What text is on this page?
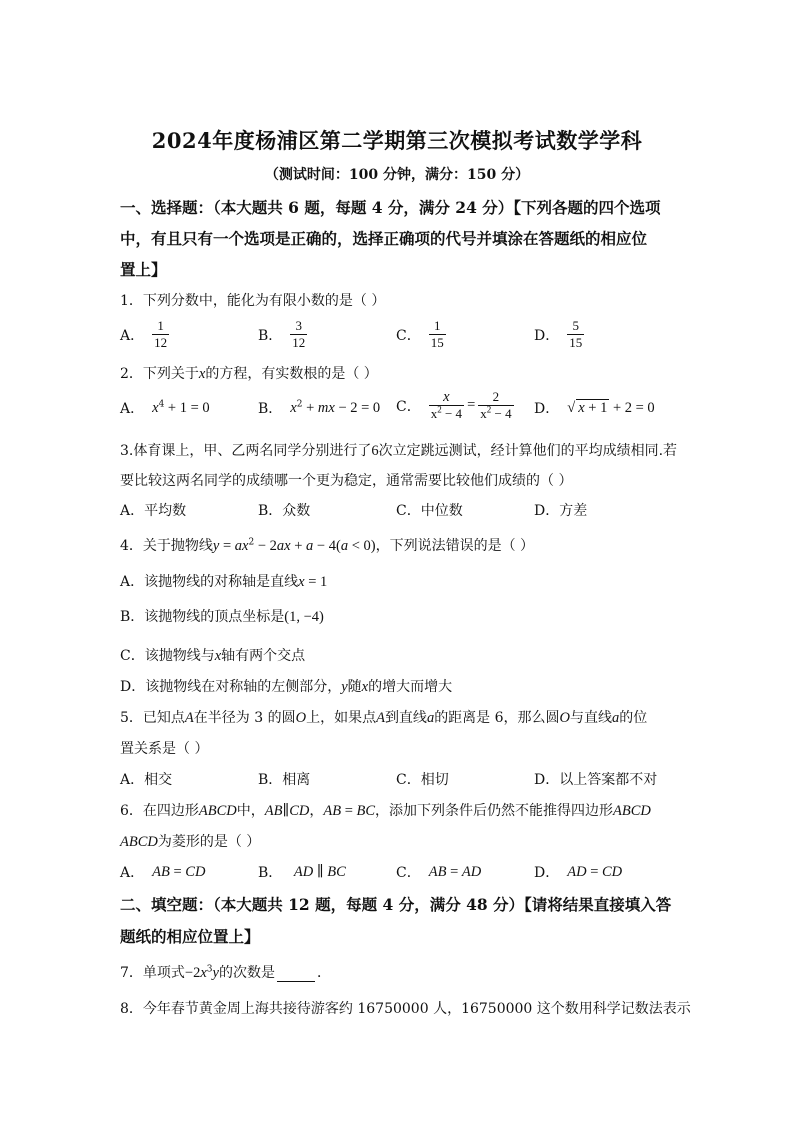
2024年度杨浦区第二学期第三次模拟考试数学学科
（测试时间：100 分钟，满分：150 分）
一、选择题：（本大题共 6 题，每题 4 分，满分 24 分）【下列各题的四个选项
中，有且只有一个选项是正确的，选择正确项的代号并填涂在答题纸的相应位
置上】
1．下列分数中，能化为有限小数的是（ ）
A． $\frac{1}{12}$	B． $\frac{3}{12}$	C． $\frac{1}{15}$	D． $\frac{5}{15}$
2．下列关于x的方程，有实数根的是（ ）
A． $x^4 + 1 = 0$	B． $x^2$ + mx − 2 = 0 C． $\frac{x}{x^2 - 4} = \frac{2}{x^2 - 4}$ D． √ x + 1 + 2 = 0
3.体育课上，甲、乙两名同学分别进行了6次立定跳远测试，经计算他们的平均成绩相同.若
要比较这两名同学的成绩哪一个更为稳定，通常需要比较他们成绩的（ ）
A．平均数	B．众数	C．中位数	D．方差
4．关于抛物线$y = ax^2 - 2ax + a - 4(a < 0)$，下列说法错误的是（ ）
A．该抛物线的对称轴是直线x = 1
B．该抛物线的顶点坐标是(1, −4)
C．该抛物线与x轴有两个交点
D．该抛物线在对称轴的左侧部分，y随x的增大而增大
5．已知点A在半径为 3 的圆O上，如果点A到直线a的距离是 6，那么圆O与直线a的位
置关系是（ ）
A．相交	B．相离	C．相切	D．以上答案都不对
6．在四边形ABCD中，AB∥CD，AB = BC，添加下列条件后仍然不能推得四边形ABCD
ABCD为菱形的是（ ）
A． AB = CD	B． AD ∥ BC	C． AB = AD	D． AD = CD
二、填空题：（本大题共 12 题，每题 4 分，满分 48 分）【请将结果直接填入答
题纸的相应位置上】
7．单项式$-2x^3y$的次数是	．
8．今年春节黄金周上海共接待游客约 16750000 人，16750000 这个数用科学记数法表示
